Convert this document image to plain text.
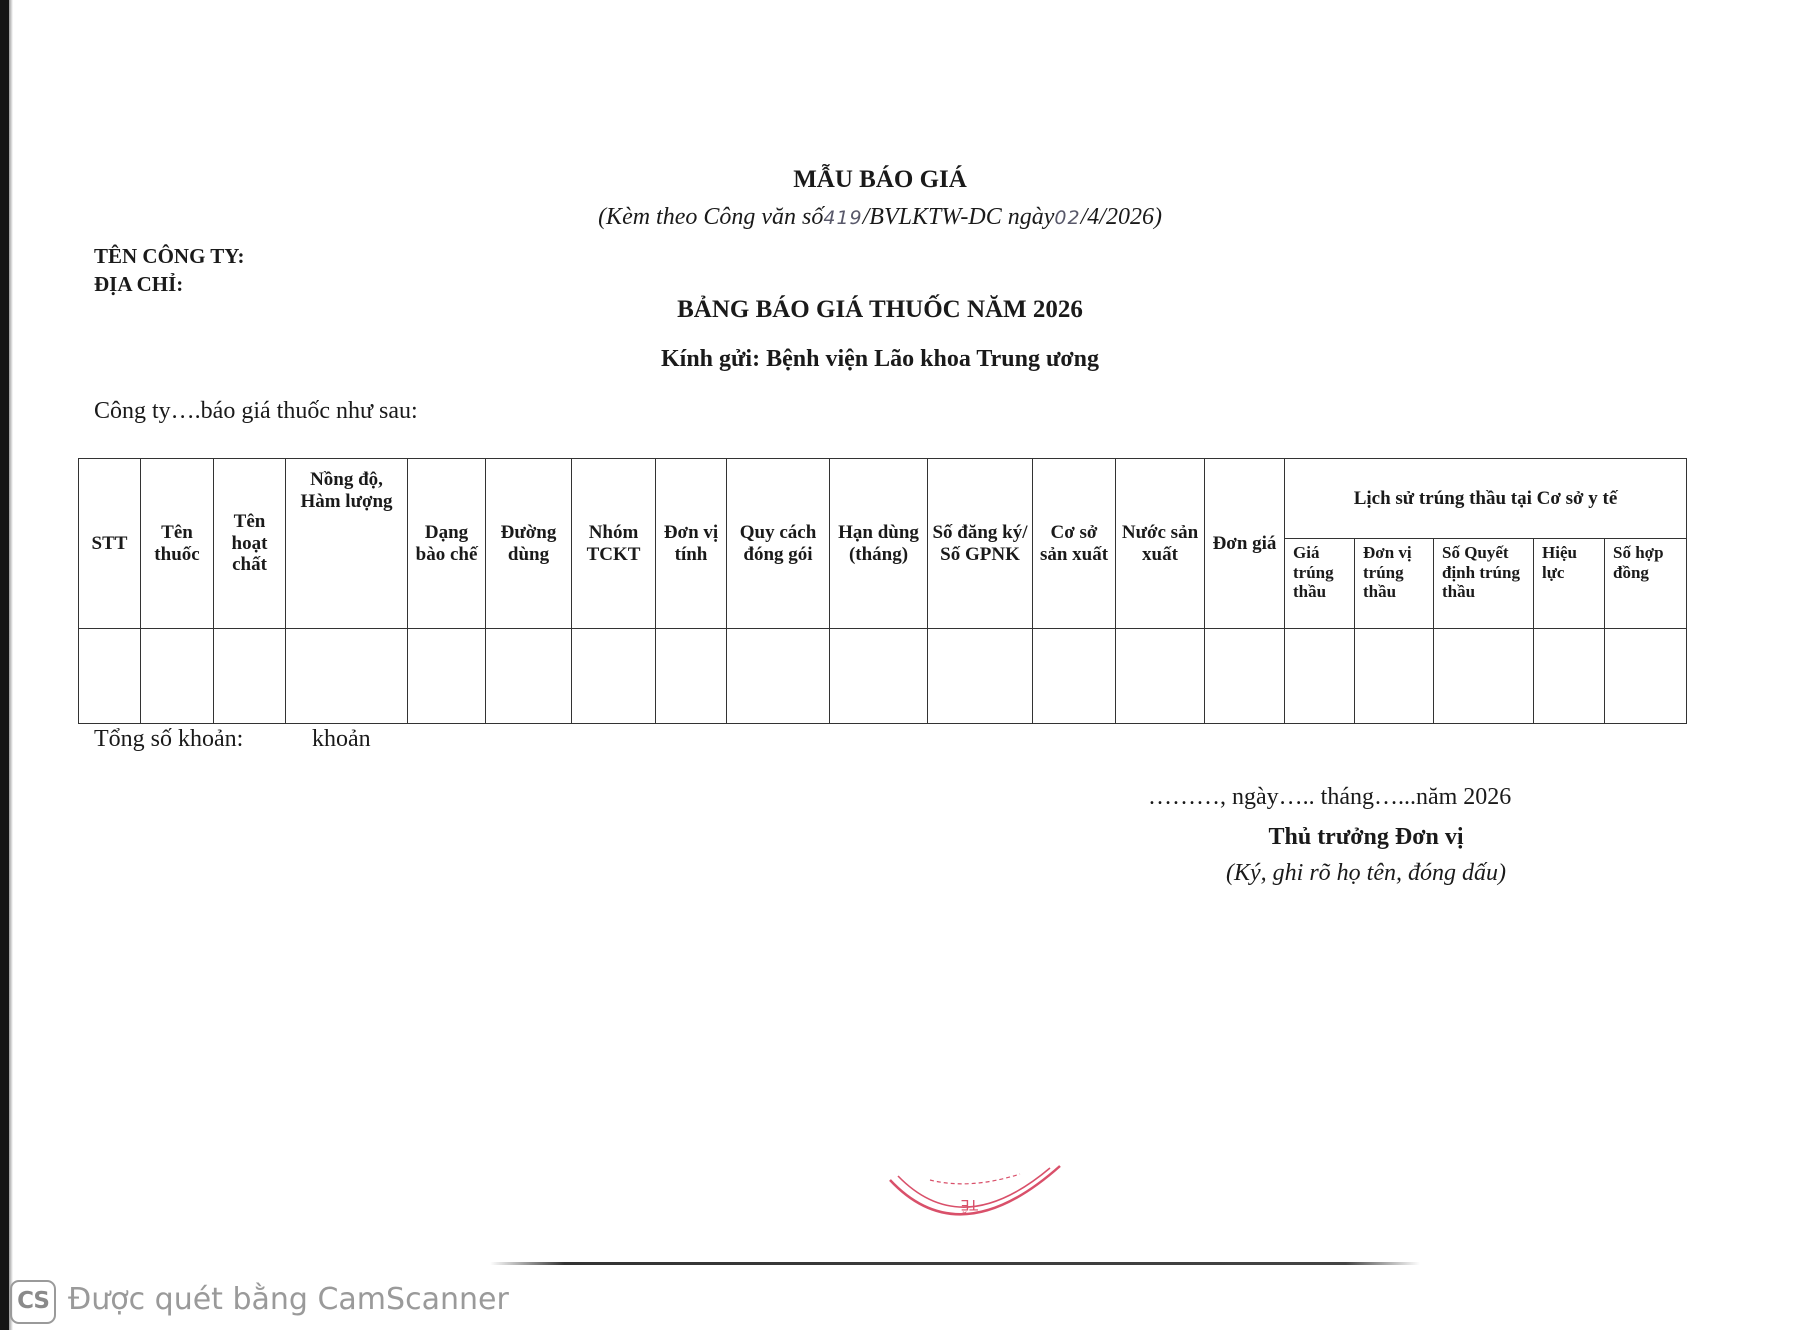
MẪU BÁO GIÁ
(Kèm theo Công văn số419/BVLKTW-DC ngày02/4/2026)
TÊN CÔNG TY:
ĐỊA CHỈ:
BẢNG BÁO GIÁ THUỐC NĂM 2026
Kính gửi: Bệnh viện Lão khoa Trung ương
Công ty….báo giá thuốc như sau:
STT	Tên thuốc	Tên hoạt chất	Nồng độ, Hàm lượng	Dạng bào chế	Đường dùng	Nhóm TCKT	Đơn vị tính	Quy cách đóng gói	Hạn dùng (tháng)	Số đăng ký/ Số GPNK	Cơ sở sản xuất	Nước sản xuất	Đơn giá	Lịch sử trúng thầu tại Cơ sở y tế				
														Giá trúng thầu	Đơn vị trúng thầu	Số Quyết định trúng thầu	Hiệu lực	Số hợp đồng

Tổng số khoản:	khoản
………, ngày….. tháng…...năm 2026
Thủ trưởng Đơn vị
(Ký, ghi rõ họ tên, đóng dấu)
TẾ
CS Được quét bằng CamScanner
